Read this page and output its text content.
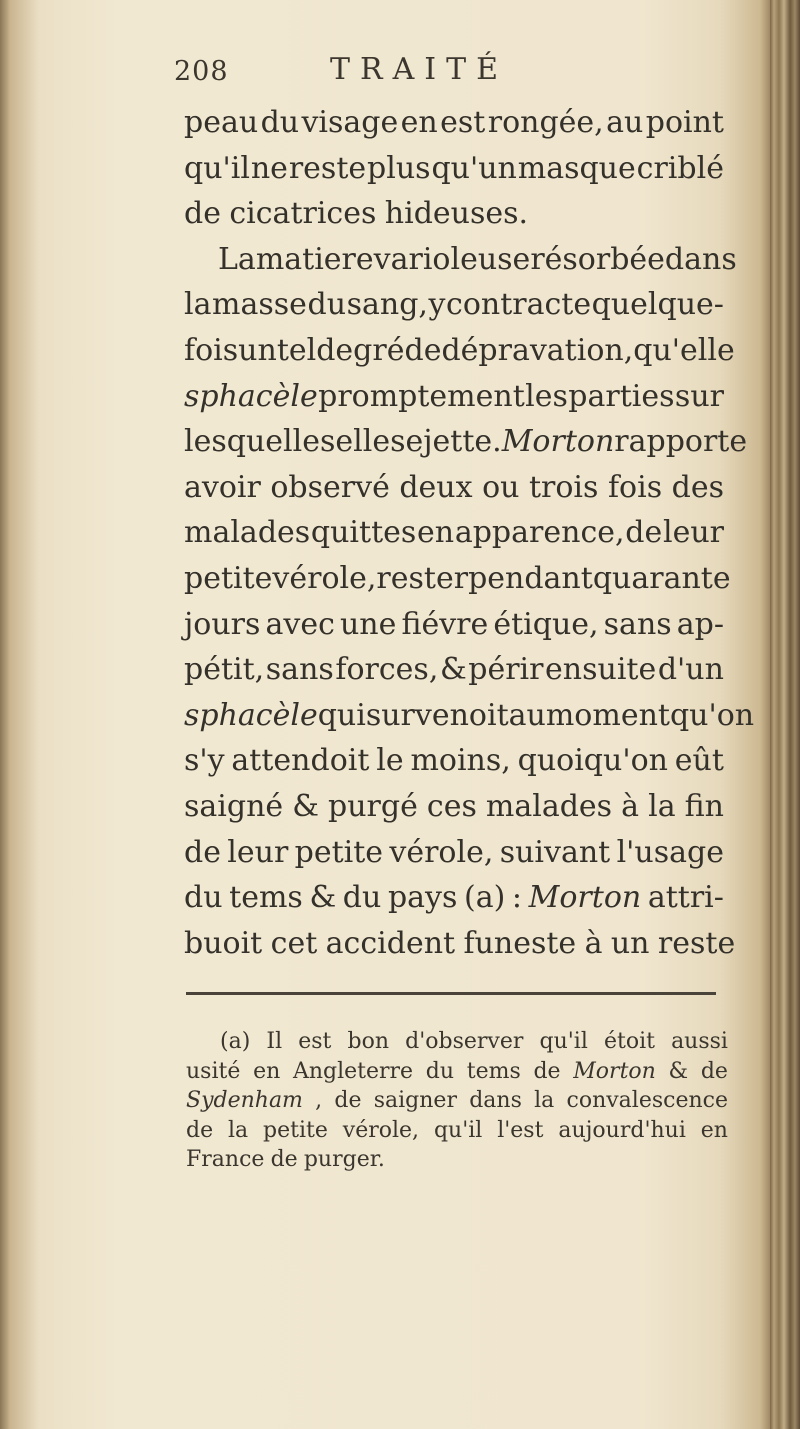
208	TRAITÉ
peau du visage en est rongée, au point
qu'il ne reste plus qu'un masque criblé
de cicatrices hideuses.
La matiere varioleuse résorbée dans
la masse du sang, y contracte quelque-
fois un tel degré de dépravation, qu'elle
sphacèle promptement les parties sur
lesquelles elle se jette. Morton rapporte
avoir observé deux ou trois fois des
malades quittes en apparence, de leur
petite vérole, rester pendant quarante
jours avec une fiévre étique, sans ap-
pétit, sans forces, & périr ensuite d'un
sphacèle qui survenoit au moment qu'on
s'y attendoit le moins, quoiqu'on eût
saigné & purgé ces malades à la fin
de leur petite vérole, suivant l'usage
du tems & du pays (a) : Morton attri-
buoit cet accident funeste à un reste
(a) Il est bon d'observer qu'il étoit aussi
usité en Angleterre du tems de Morton & de
Sydenham , de saigner dans la convalescence
de la petite vérole, qu'il l'est aujourd'hui en
France de purger.
